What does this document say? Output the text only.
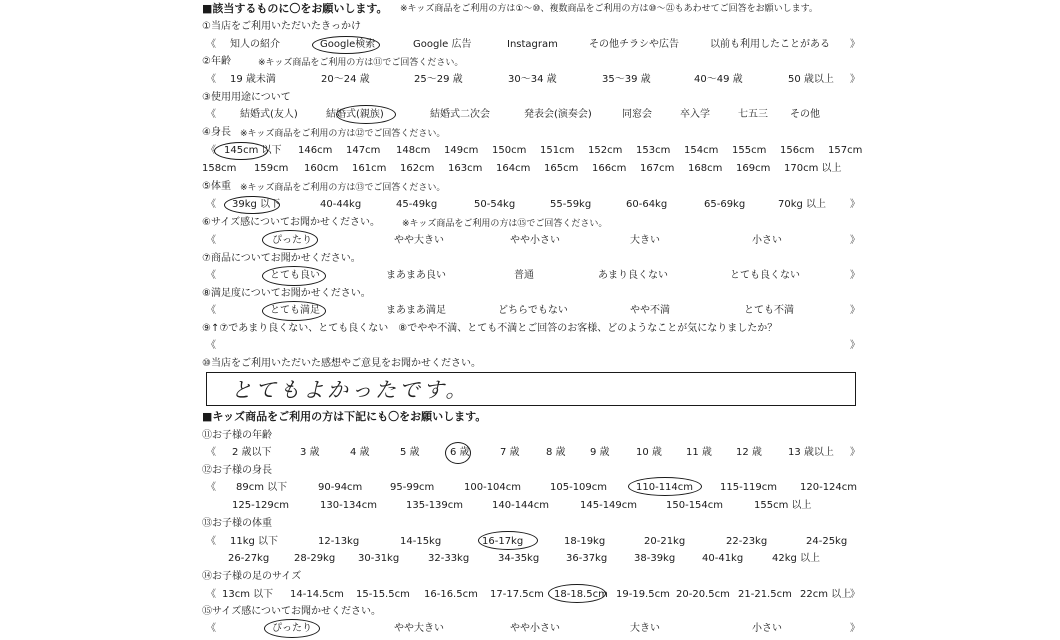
■該当するものに〇をお願いします。 ※キッズ商品をご利用の方は①～⑩、複数商品をご利用の方は⑩～㉑もあわせてご回答をお願いします。
①当店をご利用いただいたきっかけ
《 知人の紹介	Google検索	Google 広告	Instagram	その他チラシや広告	以前も利用したことがある 》
②年齢	※キッズ商品をご利用の方は⑪でご回答ください。
《 19 歳未満	20～24 歳	25～29 歳	30～34 歳	35～39 歳	40～49 歳	50 歳以上 》
③使用用途について
《 結婚式(友人)	結婚式(親族)	結婚式二次会	発表会(演奏会)	同窓会	卒入学	七五三 その他
④身長 ※キッズ商品をご利用の方は⑫でご回答ください。
《 145cm 以下 146cm 147cm 148cm 149cm 150cm 151cm 152cm 153cm 154cm 155cm 156cm 157cm
158cm 159cm 160cm 161cm 162cm 163cm 164cm 165cm 166cm 167cm 168cm 169cm 170cm 以上
⑤体重 ※キッズ商品をご利用の方は⑬でご回答ください。
《 39kg 以下	40-44kg	45-49kg	50-54kg	55-59kg	60-64kg	65-69kg	70kg 以上 》
⑥サイズ感についてお聞かせください。 ※キッズ商品をご利用の方は⑮でご回答ください。
《	ぴったり	やや大きい	やや小さい	大きい	小さい	》
⑦商品についてお聞かせください。
《	とても良い	まあまあ良い	普通	あまり良くない	とても良くない	》
⑧満足度についてお聞かせください。
《	とても満足	まあまあ満足	どちらでもない	やや不満	とても不満	》
⑨↑⑦であまり良くない、とても良くない　⑧でやや不満、とても不満とご回答のお客様、どのようなことが気になりましたか？
《	》
⑩当店をご利用いただいた感想やご意見をお聞かせください。
とてもよかったです。
■キッズ商品をご利用の方は下記にも〇をお願いします。
⑪お子様の年齢
《 2 歳以下	3 歳	4 歳	5 歳	6 歳	7 歳	8 歳 9 歳	10 歳 11 歳 12 歳	13 歳以上 》
⑫お子様の身長
《 89cm 以下	90-94cm	95-99cm	100-104cm	105-109cm	110-114cm	115-119cm 120-124cm
125-129cm	130-134cm	135-139cm	140-144cm	145-149cm	150-154cm	155cm 以上
⑬お子様の体重
《 11kg 以下	12-13kg	14-15kg	16-17kg	18-19kg	20-21kg	22-23kg	24-25kg
26-27kg 28-29kg 30-31kg	32-33kg	34-35kg	36-37kg	38-39kg	40-41kg	42kg 以上
⑭お子様の足のサイズ
《 13cm 以下 14-14.5cm 15-15.5cm 16-16.5cm 17-17.5cm 18-18.5cm 19-19.5cm 20-20.5cm 21-21.5cm 22cm 以上
》
⑮サイズ感についてお聞かせください。
《	ぴったり	やや大きい	やや小さい	大きい	小さい	》
